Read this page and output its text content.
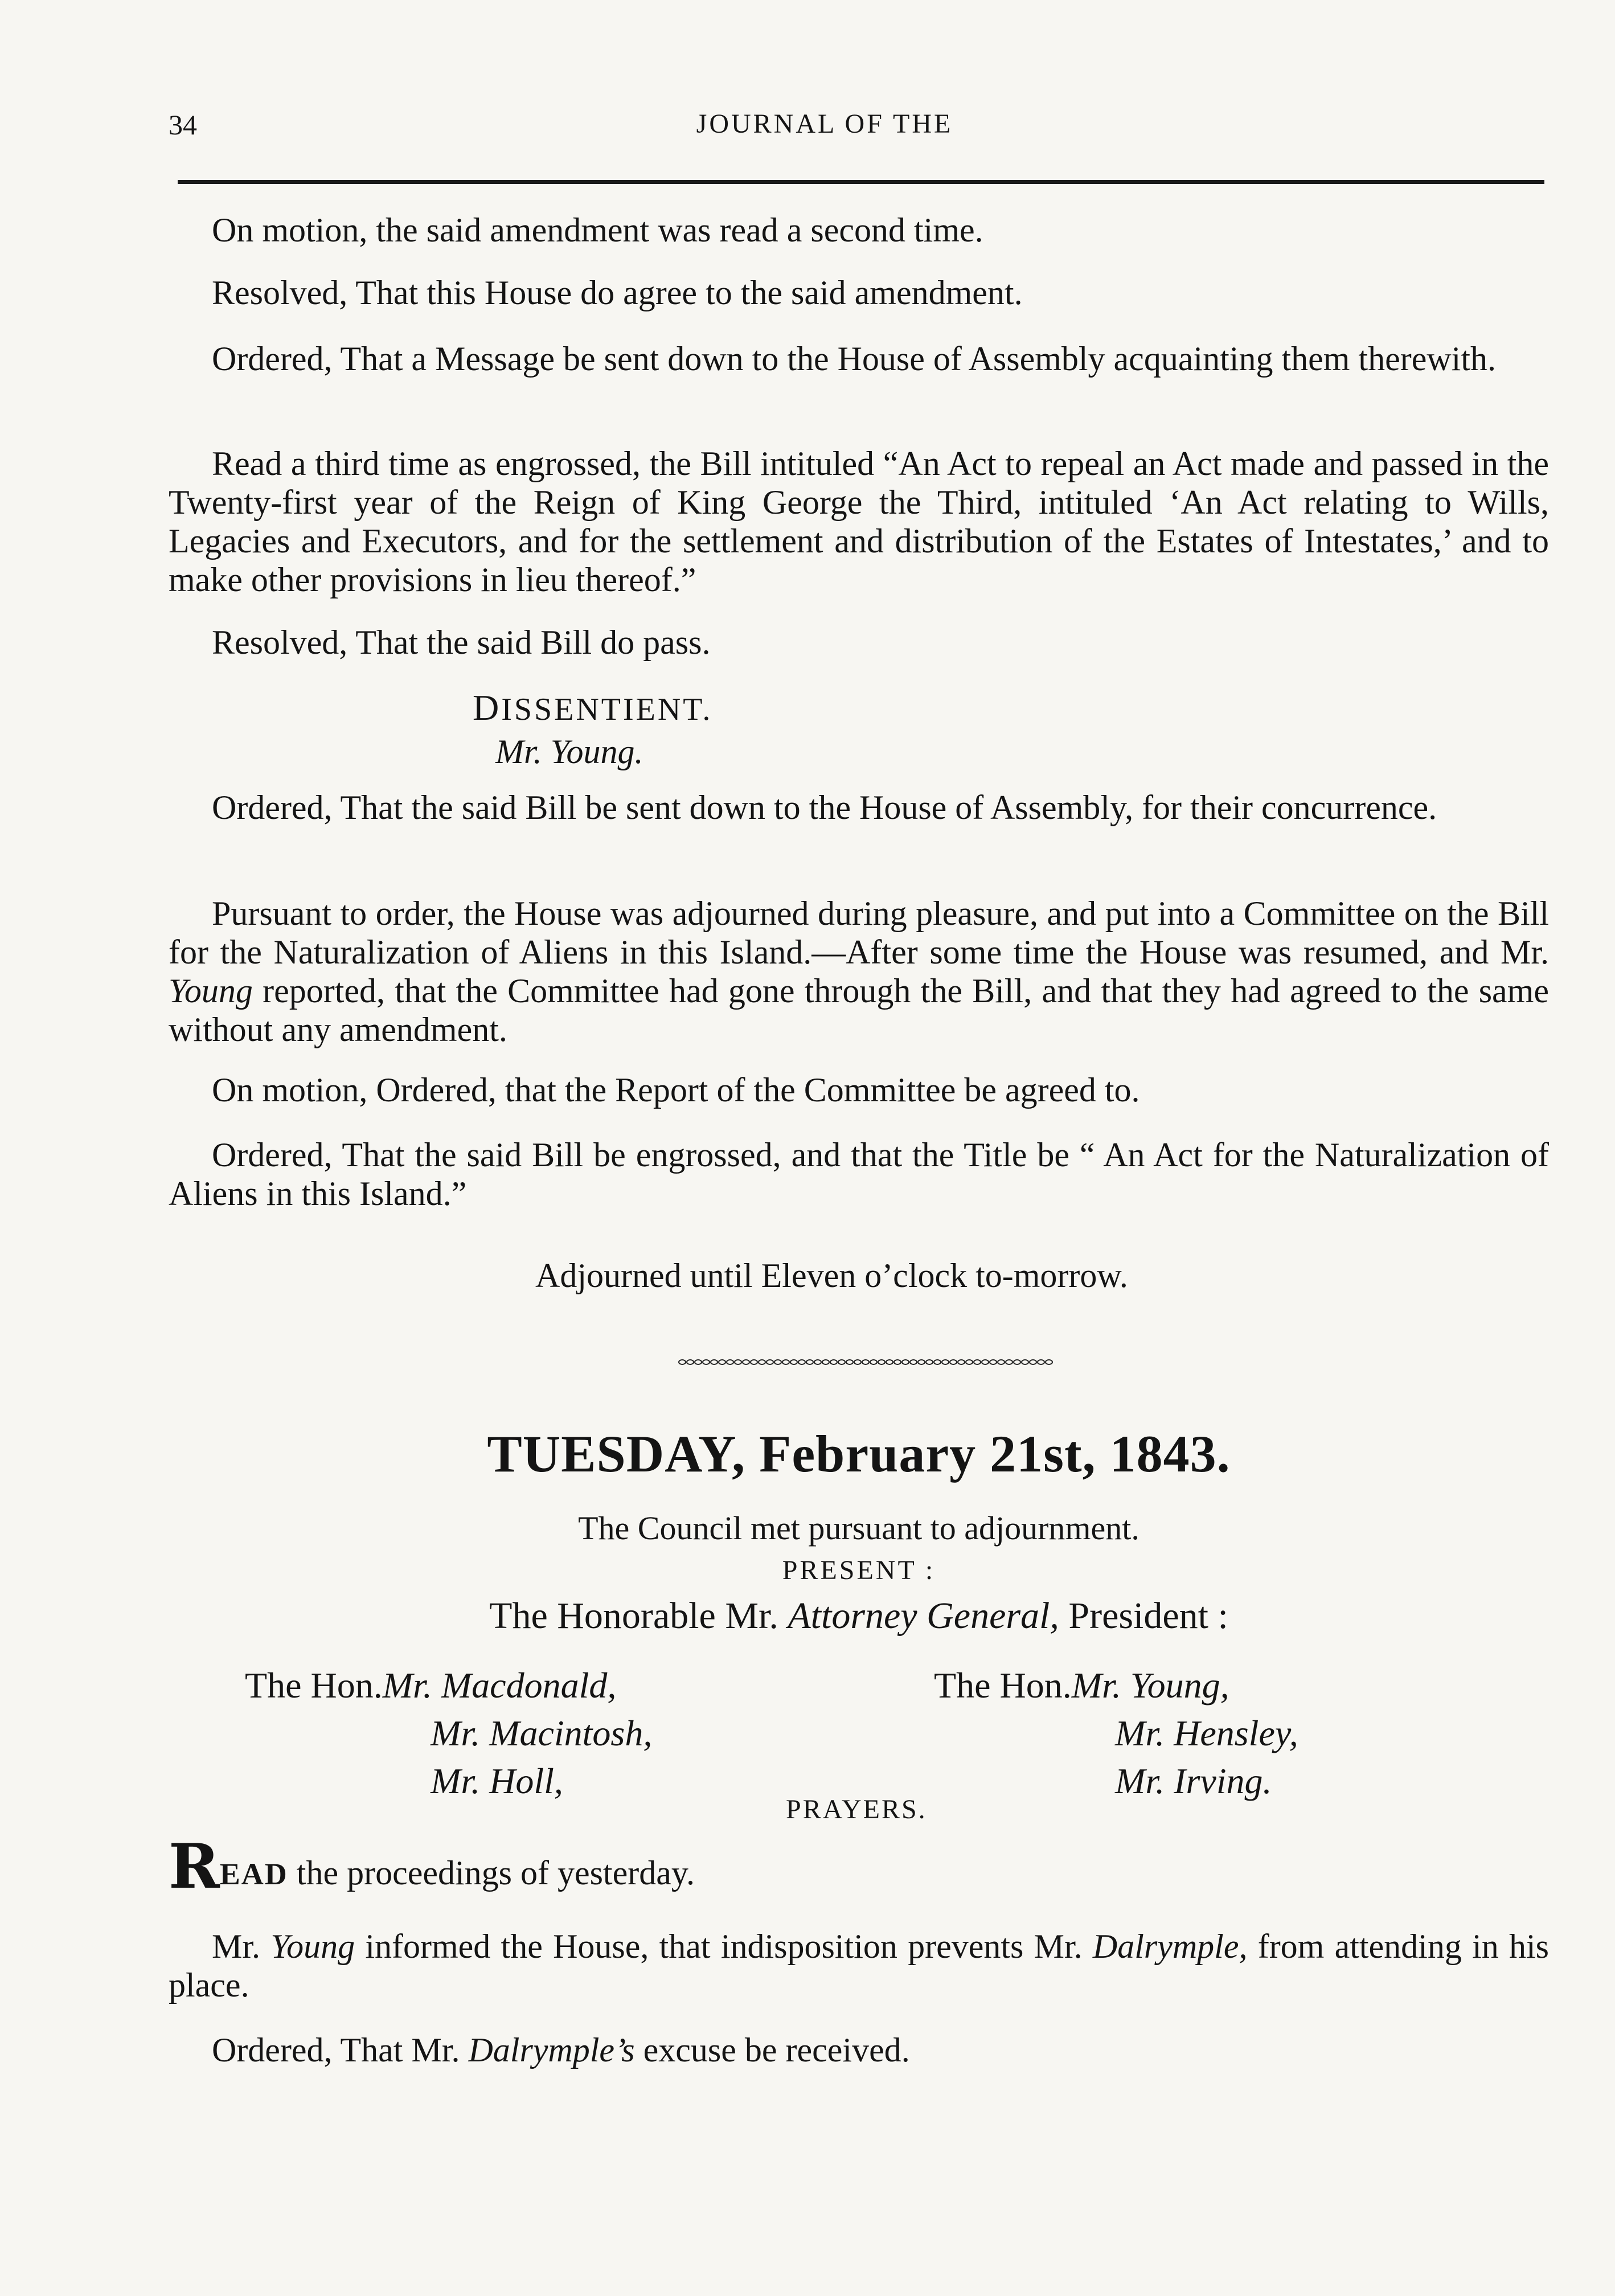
34	JOURNAL OF THE

On motion, the said amendment was read a second time.

Resolved, That this House do agree to the said amendment.

Ordered, That a Message be sent down to the House of Assembly acquainting them therewith.

Read a third time as engrossed, the Bill intituled “An Act to repeal an Act made and passed in the Twenty-first year of the Reign of King George the Third, intituled ‘An Act relating to Wills, Legacies and Executors, and for the settlement and distribution of the Estates of Intestates,’ and to make other provisions in lieu thereof.”

Resolved, That the said Bill do pass.

DISSENTIENT.
Mr. Young.

Ordered, That the said Bill be sent down to the House of Assembly, for their concurrence.

Pursuant to order, the House was adjourned during pleasure, and put into a Committee on the Bill for the Naturalization of Aliens in this Island.—After some time the House was resumed, and Mr. Young reported, that the Committee had gone through the Bill, and that they had agreed to the same without any amendment.

On motion, Ordered, that the Report of the Committee be agreed to.

Ordered, That the said Bill be engrossed, and that the Title be “ An Act for the Naturalization of Aliens in this Island.”

Adjourned until Eleven o’clock to-morrow.
TUESDAY, February 21st, 1843.
The Council met pursuant to adjournment.
PRESENT :
The Honorable Mr. Attorney General, President :
The Hon.Mr. Macdonald,
Mr. Macintosh,
Mr. Holl,
The Hon.Mr. Young,
Mr. Hensley,
Mr. Irving.
PRAYERS.
READ the proceedings of yesterday.

Mr. Young informed the House, that indisposition prevents Mr. Dalrymple, from attending in his place.

Ordered, That Mr. Dalrymple’s excuse be received.
